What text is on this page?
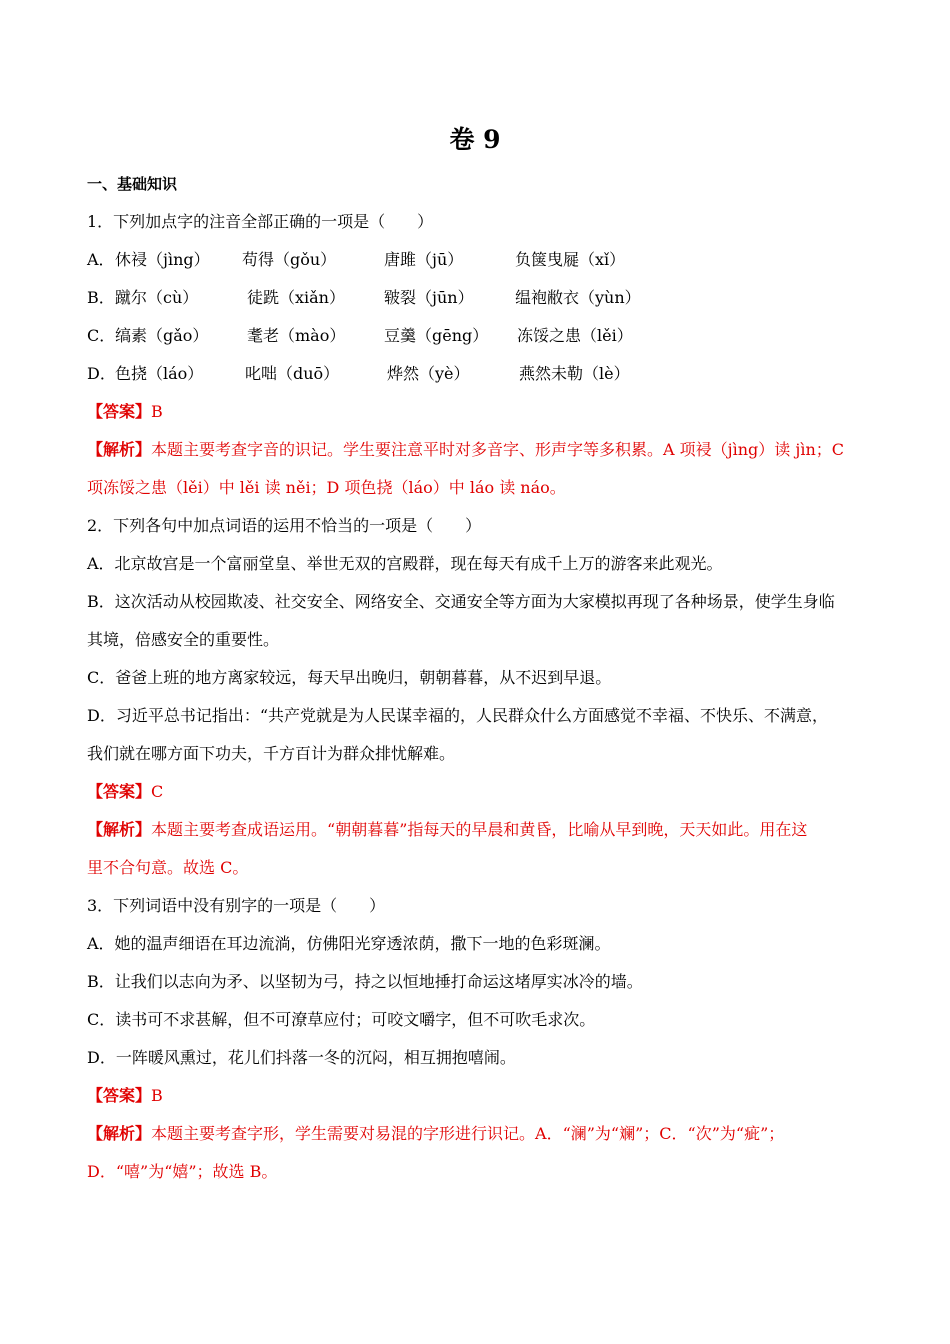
卷 9
一、基础知识
1．下列加点字的注音全部正确的一项是（　　）
A． 休祲（jìng） 苟得（gǒu）	唐雎（jū）	负箧曳屣（xǐ）
B． 蹴尔（cù）	徒跣（xiǎn） 皲裂（jūn）	缊袍敝衣（yùn）
C． 缟素（gǎo） 耄老（mào） 豆羹（gēng） 冻馁之患（lěi）
D． 色挠（láo）	叱咄（duō）	烨然（yè）	燕然未勒（lè）
【答案】B
【解析】本题主要考查字音的识记。学生要注意平时对多音字、形声字等多积累。A 项祲（jìng）读 jìn；C
项冻馁之患（lěi）中 lěi 读 něi；D 项色挠（láo）中 láo 读 náo。
2．下列各句中加点词语的运用不恰当的一项是（　　）
A．北京故宫是一个富丽堂皇、举世无双的宫殿群，现在每天有成千上万的游客来此观光。
B．这次活动从校园欺凌、社交安全、网络安全、交通安全等方面为大家模拟再现了各种场景，使学生身临
其境，倍感安全的重要性。
C．爸爸上班的地方离家较远，每天早出晚归，朝朝暮暮，从不迟到早退。
D．习近平总书记指出：“共产党就是为人民谋幸福的，人民群众什么方面感觉不幸福、不快乐、不满意，
我们就在哪方面下功夫，千方百计为群众排忧解难。
【答案】C
【解析】本题主要考查成语运用。“朝朝暮暮”指每天的早晨和黄昏，比喻从早到晚，天天如此。用在这
里不合句意。故选 C。
3．下列词语中没有别字的一项是（　　）
A．她的温声细语在耳边流淌，仿佛阳光穿透浓荫，撒下一地的色彩斑澜。
B．让我们以志向为矛、以坚韧为弓，持之以恒地捶打命运这堵厚实冰冷的墙。
C．读书可不求甚解，但不可潦草应付；可咬文嚼字，但不可吹毛求次。
D．一阵暖风熏过，花儿们抖落一冬的沉闷，相互拥抱嘻闹。
【答案】B
【解析】本题主要考查字形，学生需要对易混的字形进行识记。A．“澜”为“斓”；C．“次”为“疵”；
D．“嘻”为“嬉”；故选 B。
